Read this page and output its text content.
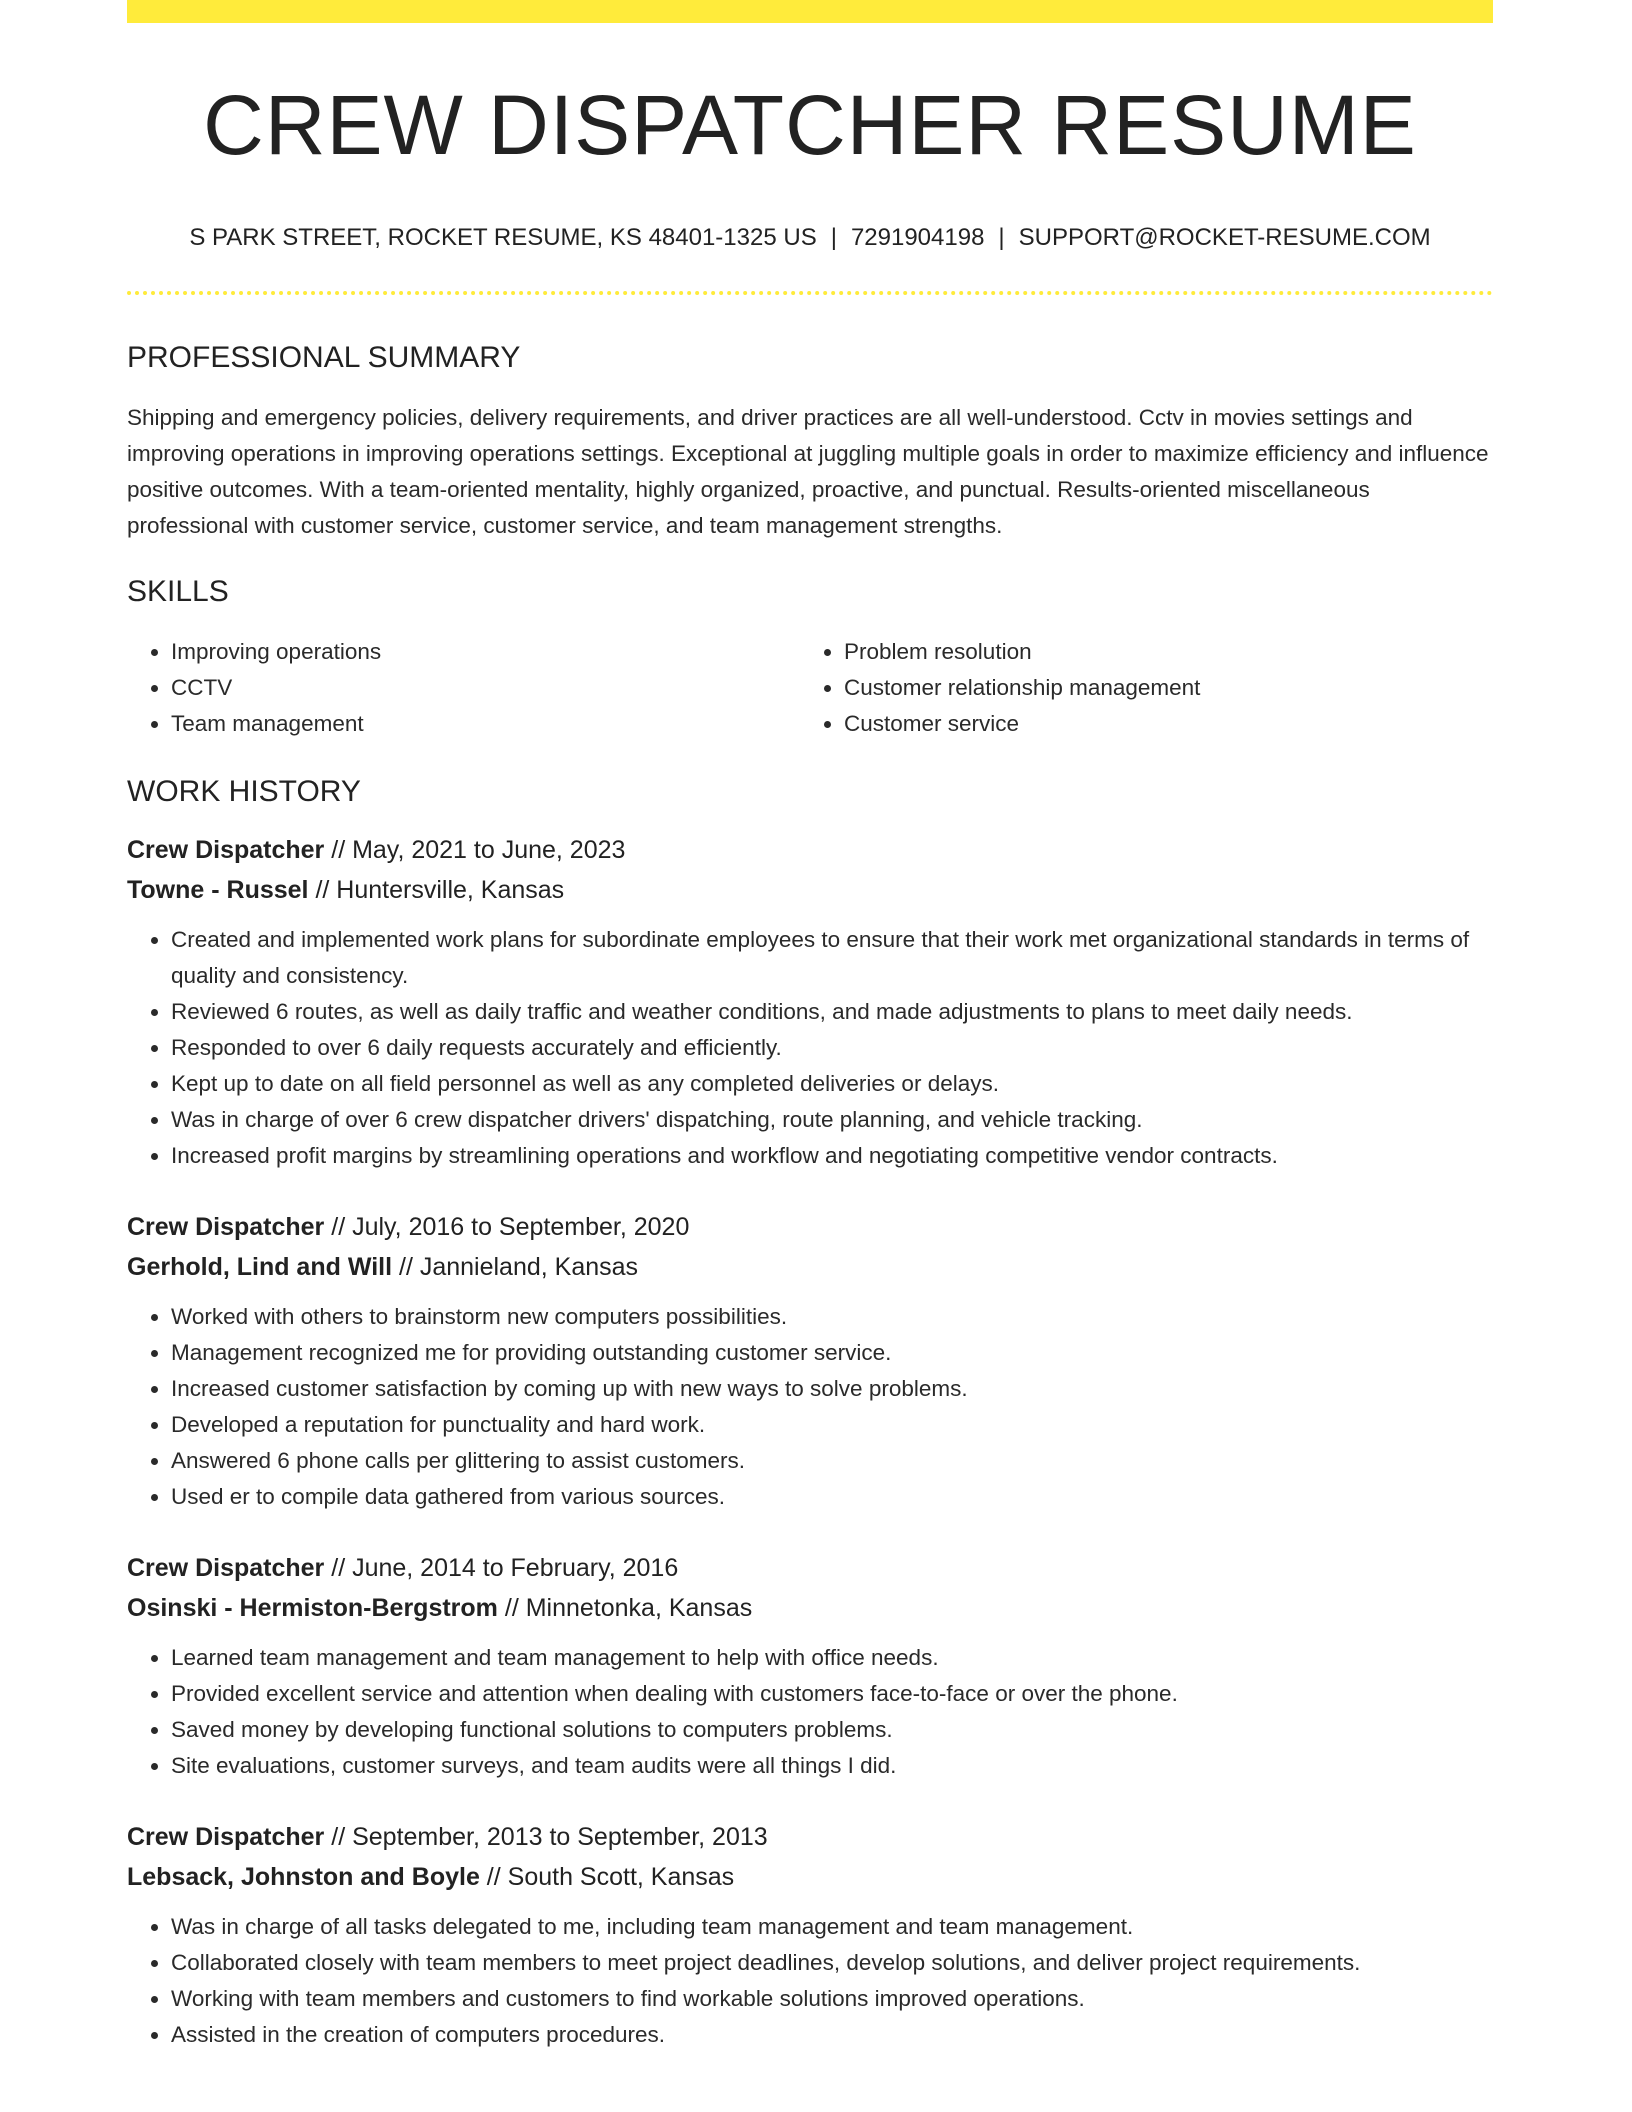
CREW DISPATCHER RESUME
S PARK STREET, ROCKET RESUME, KS 48401-1325 US | 7291904198 | SUPPORT@ROCKET-RESUME.COM
PROFESSIONAL SUMMARY

Shipping and emergency policies, delivery requirements, and driver practices are all well-understood. Cctv in movies settings and improving operations in improving operations settings. Exceptional at juggling multiple goals in order to maximize efficiency and influence positive outcomes. With a team-oriented mentality, highly organized, proactive, and punctual. Results-oriented miscellaneous professional with customer service, customer service, and team management strengths.

SKILLS
• Improving operations
• CCTV
• Team management
• Problem resolution
• Customer relationship management
• Customer service
WORK HISTORY
Crew Dispatcher // May, 2021 to June, 2023
Towne - Russel // Huntersville, Kansas
• Created and implemented work plans for subordinate employees to ensure that their work met organizational standards in terms of quality and consistency.
• Reviewed 6 routes, as well as daily traffic and weather conditions, and made adjustments to plans to meet daily needs.
• Responded to over 6 daily requests accurately and efficiently.
• Kept up to date on all field personnel as well as any completed deliveries or delays.
• Was in charge of over 6 crew dispatcher drivers' dispatching, route planning, and vehicle tracking.
• Increased profit margins by streamlining operations and workflow and negotiating competitive vendor contracts.
Crew Dispatcher // July, 2016 to September, 2020
Gerhold, Lind and Will // Jannieland, Kansas
• Worked with others to brainstorm new computers possibilities.
• Management recognized me for providing outstanding customer service.
• Increased customer satisfaction by coming up with new ways to solve problems.
• Developed a reputation for punctuality and hard work.
• Answered 6 phone calls per glittering to assist customers.
• Used er to compile data gathered from various sources.
Crew Dispatcher // June, 2014 to February, 2016
Osinski - Hermiston-Bergstrom // Minnetonka, Kansas
• Learned team management and team management to help with office needs.
• Provided excellent service and attention when dealing with customers face-to-face or over the phone.
• Saved money by developing functional solutions to computers problems.
• Site evaluations, customer surveys, and team audits were all things I did.
Crew Dispatcher // September, 2013 to September, 2013
Lebsack, Johnston and Boyle // South Scott, Kansas
• Was in charge of all tasks delegated to me, including team management and team management.
• Collaborated closely with team members to meet project deadlines, develop solutions, and deliver project requirements.
• Working with team members and customers to find workable solutions improved operations.
• Assisted in the creation of computers procedures.
